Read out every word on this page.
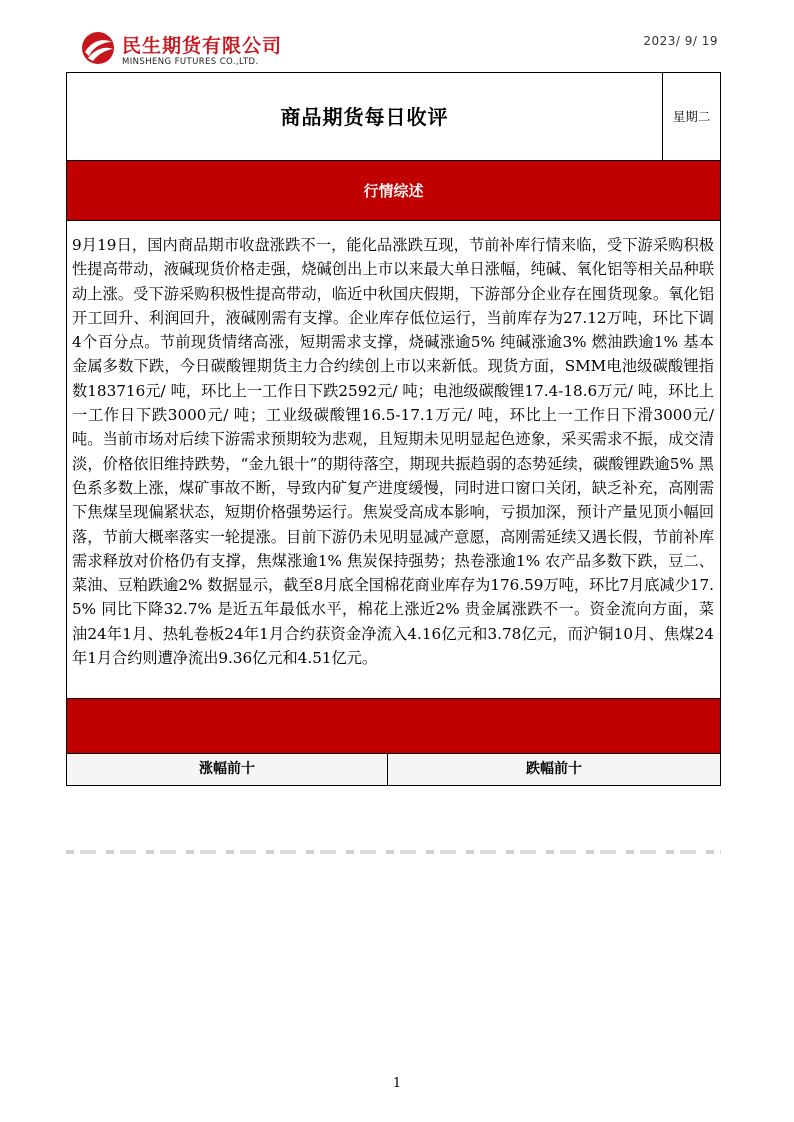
民生期货有限公司
MINSHENG FUTURES CO.,LTD.
2023/ 9/ 19
商品期货每日收评	星期二
行情综述
9月19日，国内商品期市收盘涨跌不一，能化品涨跌互现，节前补库行情来临，受下游采购积极性提高带动，液碱现货价格走强，烧碱创出上市以来最大单日涨幅，纯碱、氧化铝等相关品种联动上涨。受下游采购积极性提高带动，临近中秋国庆假期，下游部分企业存在囤货现象。氧化铝开工回升、利润回升，液碱刚需有支撑。企业库存低位运行，当前库存为27.12万吨，环比下调4个百分点。节前现货情绪高涨，短期需求支撑，烧碱涨逾5% 纯碱涨逾3% 燃油跌逾1% 基本金属多数下跌，今日碳酸锂期货主力合约续创上市以来新低。现货方面，SMM电池级碳酸锂指数183716元/ 吨，环比上一工作日下跌2592元/ 吨；电池级碳酸锂17.4-18.6万元/ 吨，环比上一工作日下跌3000元/ 吨；工业级碳酸锂16.5-17.1万元/ 吨，环比上一工作日下滑3000元/ 吨。当前市场对后续下游需求预期较为悲观，且短期未见明显起色迹象，采买需求不振，成交清淡，价格依旧维持跌势，“金九银十”的期待落空，期现共振趋弱的态势延续，碳酸锂跌逾5% 黑色系多数上涨，煤矿事故不断，导致内矿复产进度缓慢，同时进口窗口关闭，缺乏补充，高刚需下焦煤呈现偏紧状态，短期价格强势运行。焦炭受高成本影响，亏损加深，预计产量见顶小幅回落，节前大概率落实一轮提涨。目前下游仍未见明显减产意愿，高刚需延续又遇长假，节前补库需求释放对价格仍有支撑，焦煤涨逾1% 焦炭保持强势；热卷涨逾1% 农产品多数下跌，豆二、菜油、豆粕跌逾2% 数据显示，截至8月底全国棉花商业库存为176.59万吨，环比7月底减少17.5% 同比下降32.7% 是近五年最低水平，棉花上涨近2% 贵金属涨跌不一。资金流向方面，菜油24年1月、热轧卷板24年1月合约获资金净流入4.16亿元和3.78亿元，而沪铜10月、焦煤24年1月合约则遭净流出9.36亿元和4.51亿元。
涨幅前十	跌幅前十
1
